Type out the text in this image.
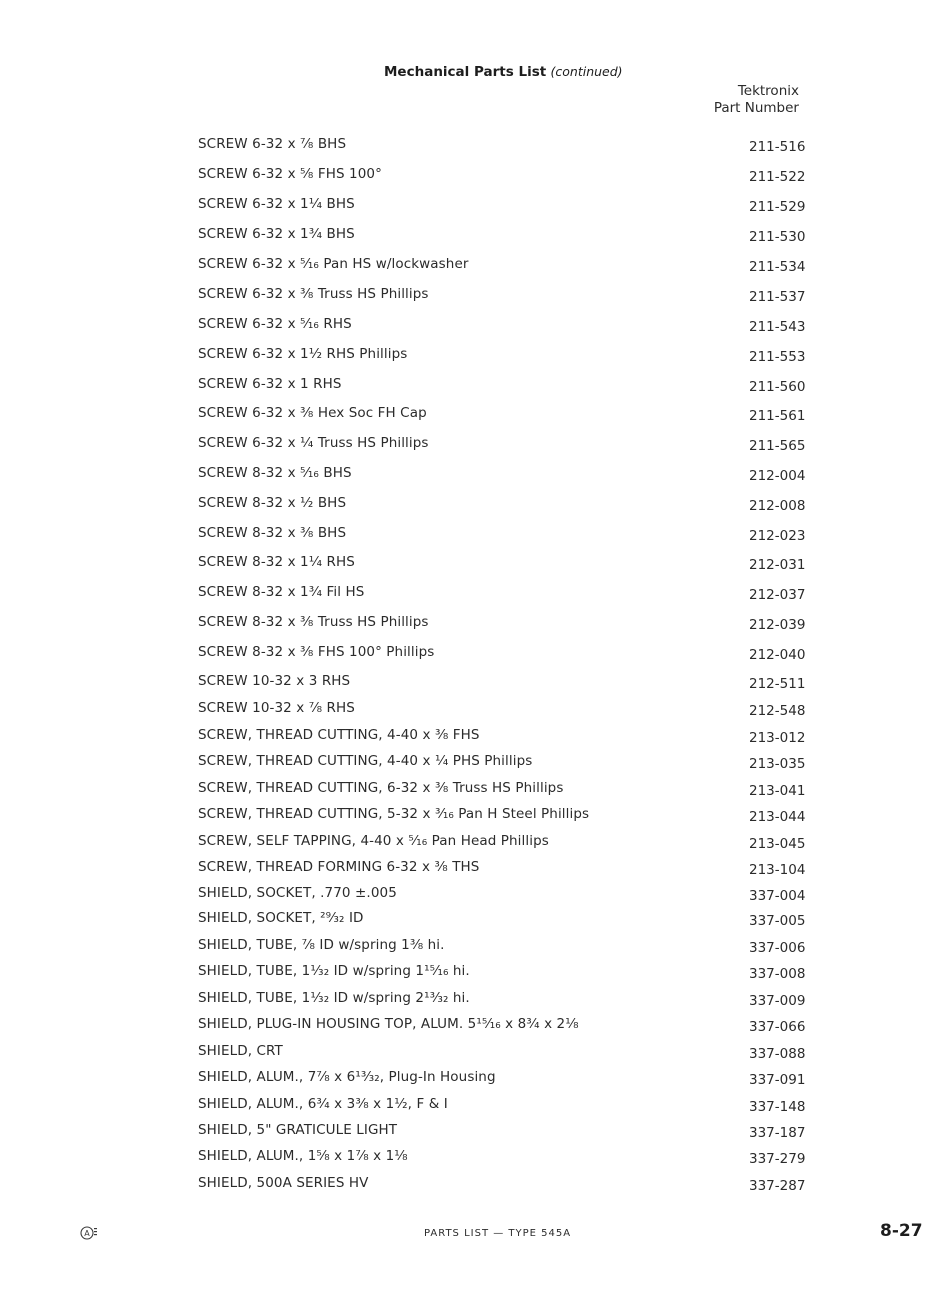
Mechanical Parts List (continued)
Tektronix
Part Number
SCREW 6-32 x ⁷⁄₈ BHS	211-516
SCREW 6-32 x ⁵⁄₈ FHS 100°	211-522
SCREW 6-32 x 1¹⁄₄ BHS	211-529
SCREW 6-32 x 1³⁄₄ BHS	211-530
SCREW 6-32 x ⁵⁄₁₆ Pan HS w/lockwasher	211-534
SCREW 6-32 x ³⁄₈ Truss HS Phillips	211-537
SCREW 6-32 x ⁵⁄₁₆ RHS	211-543
SCREW 6-32 x 1¹⁄₂ RHS Phillips	211-553
SCREW 6-32 x 1 RHS	211-560
SCREW 6-32 x ³⁄₈ Hex Soc FH Cap	211-561
SCREW 6-32 x ¹⁄₄ Truss HS Phillips	211-565
SCREW 8-32 x ⁵⁄₁₆ BHS	212-004
SCREW 8-32 x ¹⁄₂ BHS	212-008
SCREW 8-32 x ³⁄₈ BHS	212-023
SCREW 8-32 x 1¹⁄₄ RHS	212-031
SCREW 8-32 x 1³⁄₄ Fil HS	212-037
SCREW 8-32 x ³⁄₈ Truss HS Phillips	212-039
SCREW 8-32 x ³⁄₈ FHS 100° Phillips	212-040
SCREW 10-32 x 3 RHS	212-511
SCREW 10-32 x ⁷⁄₈ RHS	212-548
SCREW, THREAD CUTTING, 4-40 x ³⁄₈ FHS	213-012
SCREW, THREAD CUTTING, 4-40 x ¹⁄₄ PHS Phillips	213-035
SCREW, THREAD CUTTING, 6-32 x ³⁄₈ Truss HS Phillips	213-041
SCREW, THREAD CUTTING, 5-32 x ³⁄₁₆ Pan H Steel Phillips	213-044
SCREW, SELF TAPPING, 4-40 x ⁵⁄₁₆ Pan Head Phillips	213-045
SCREW, THREAD FORMING 6-32 x ³⁄₈ THS	213-104
SHIELD, SOCKET, .770 ±.005	337-004
SHIELD, SOCKET, ²⁹⁄₃₂ ID	337-005
SHIELD, TUBE, ⁷⁄₈ ID w/spring 1³⁄₈ hi.	337-006
SHIELD, TUBE, 1¹⁄₃₂ ID w/spring 1¹⁵⁄₁₆ hi.	337-008
SHIELD, TUBE, 1¹⁄₃₂ ID w/spring 2¹³⁄₃₂ hi.	337-009
SHIELD, PLUG-IN HOUSING TOP, ALUM. 5¹⁵⁄₁₆ x 8³⁄₄ x 2¹⁄₈	337-066
SHIELD, CRT	337-088
SHIELD, ALUM., 7⁷⁄₈ x 6¹³⁄₃₂, Plug-In Housing	337-091
SHIELD, ALUM., 6³⁄₄ x 3³⁄₈ x 1¹⁄₂, F & I	337-148
SHIELD, 5" GRATICULE LIGHT	337-187
SHIELD, ALUM., 1⁵⁄₈ x 1⁷⁄₈ x 1¹⁄₈	337-279
SHIELD, 500A SERIES HV	337-287
A	PARTS LIST — TYPE 545A	8-27
